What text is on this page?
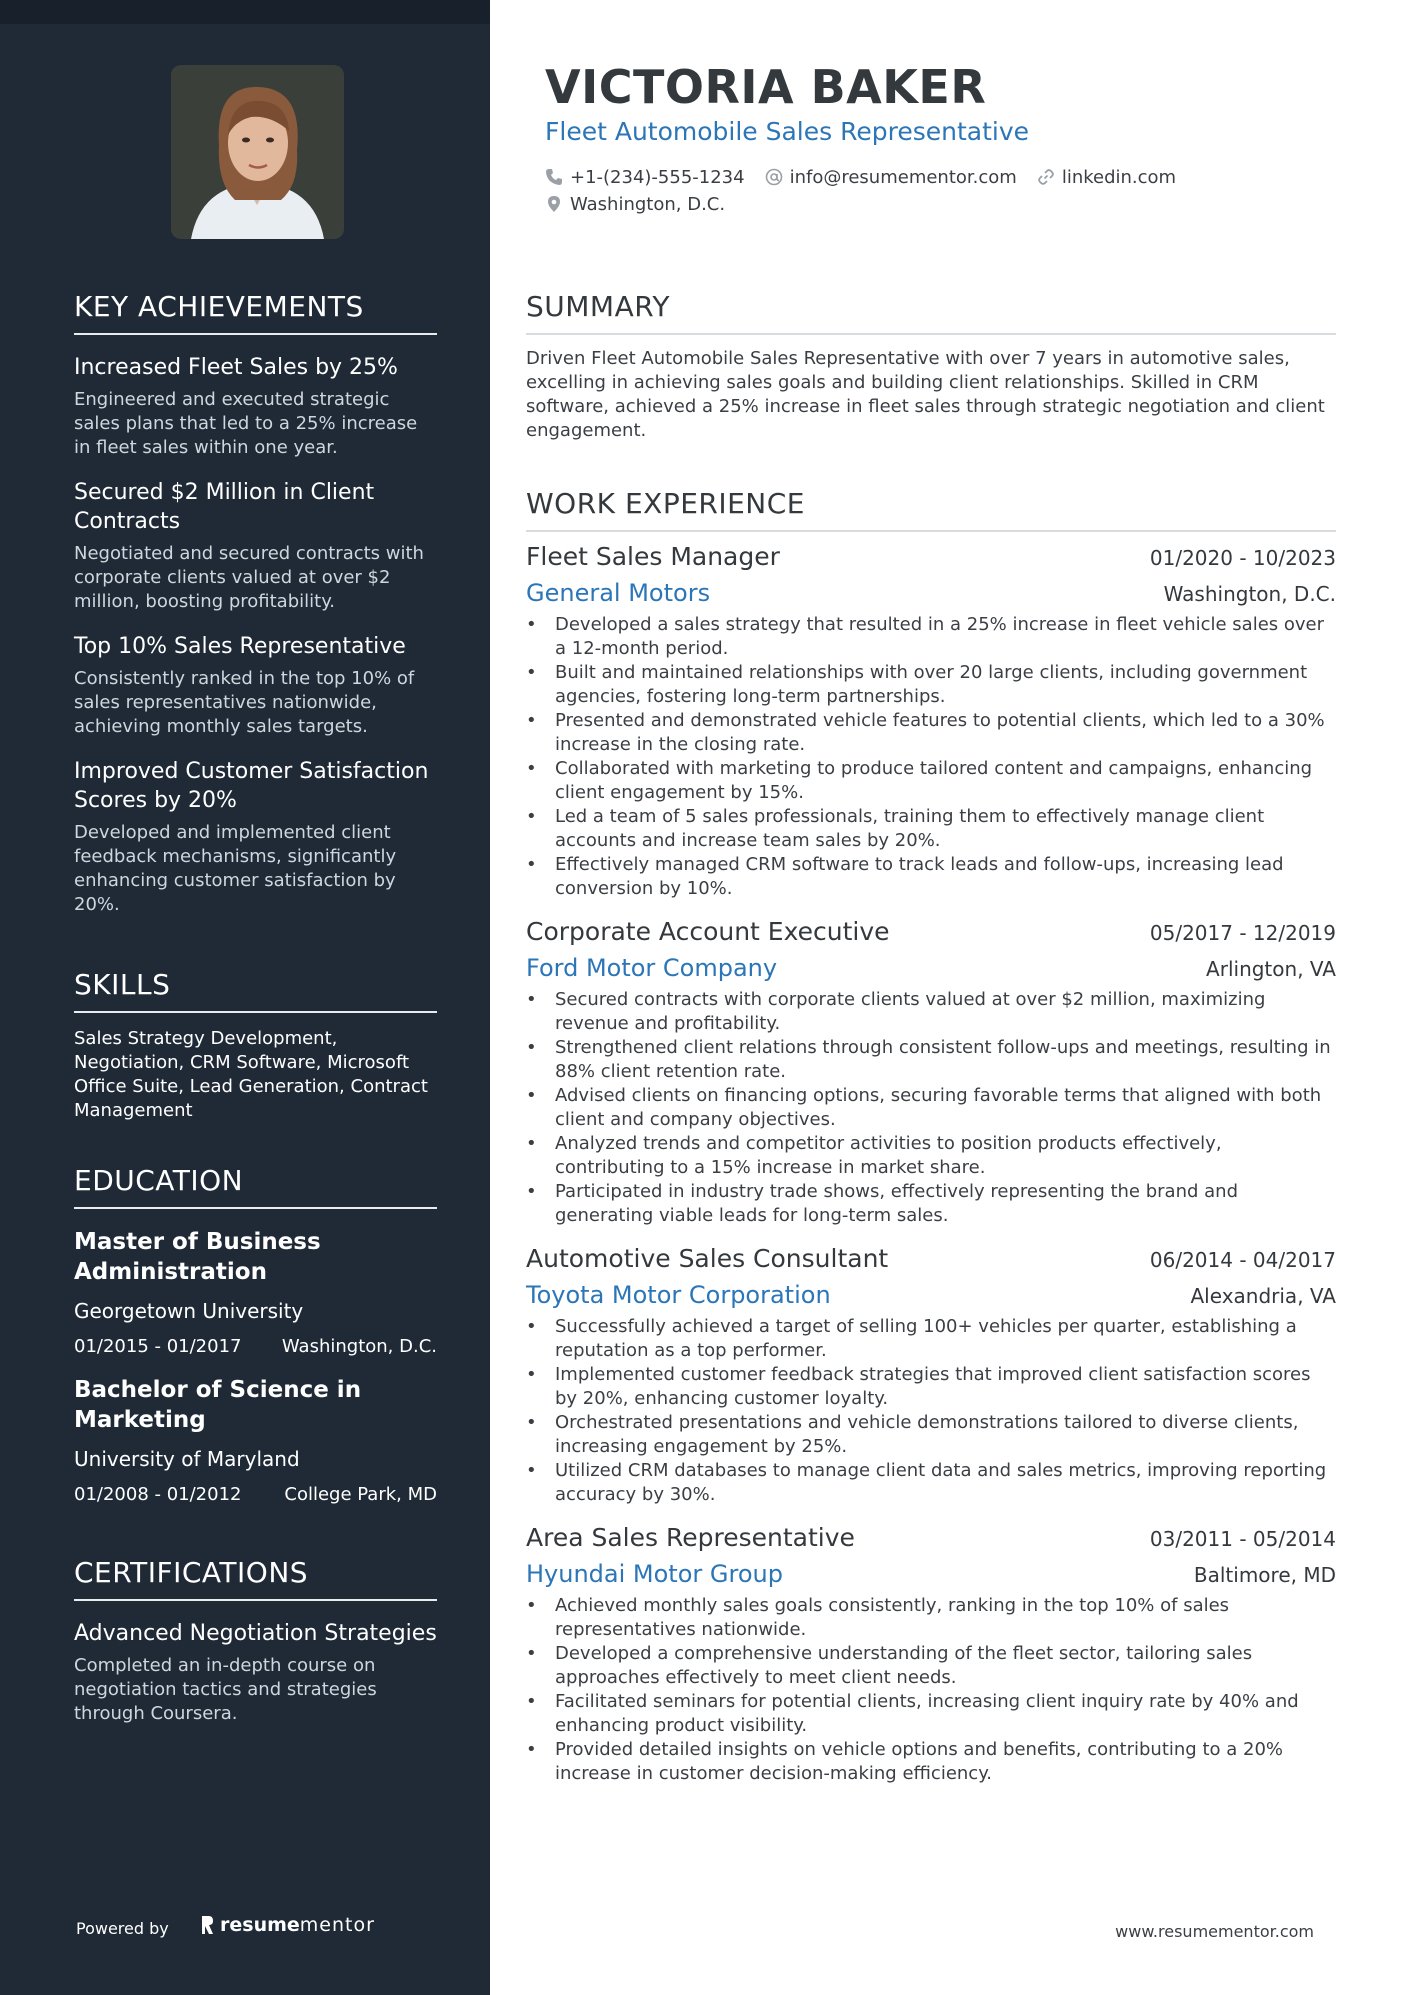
KEY ACHIEVEMENTS
Increased Fleet Sales by 25%
Engineered and executed strategic sales plans that led to a 25% increase in fleet sales within one year.
Secured $2 Million in Client Contracts
Negotiated and secured contracts with corporate clients valued at over $2 million, boosting profitability.
Top 10% Sales Representative
Consistently ranked in the top 10% of sales representatives nationwide, achieving monthly sales targets.
Improved Customer Satisfaction Scores by 20%
Developed and implemented client feedback mechanisms, significantly enhancing customer satisfaction by 20%.
SKILLS
Sales Strategy Development, Negotiation, CRM Software, Microsoft Office Suite, Lead Generation, Contract Management
EDUCATION
Master of Business Administration
Georgetown University
01/2015 - 01/2017 Washington, D.C.
Bachelor of Science in Marketing
University of Maryland
01/2008 - 01/2012 College Park, MD
CERTIFICATIONS
Advanced Negotiation Strategies
Completed an in-depth course on negotiation tactics and strategies through Coursera.
Powered by	resume mentor
VICTORIA BAKER
Fleet Automobile Sales Representative
+1-(234)-555-1234	info@resumementor.com	linkedin.com
Washington, D.C.
SUMMARY
Driven Fleet Automobile Sales Representative with over 7 years in automotive sales, excelling in achieving sales goals and building client relationships. Skilled in CRM software, achieved a 25% increase in fleet sales through strategic negotiation and client engagement.
WORK EXPERIENCE
Fleet Sales Manager	01/2020 - 10/2023
General Motors	Washington, D.C.
• Developed a sales strategy that resulted in a 25% increase in fleet vehicle sales over a 12-month period.
• Built and maintained relationships with over 20 large clients, including government agencies, fostering long-term partnerships.
• Presented and demonstrated vehicle features to potential clients, which led to a 30% increase in the closing rate.
• Collaborated with marketing to produce tailored content and campaigns, enhancing client engagement by 15%.
• Led a team of 5 sales professionals, training them to effectively manage client accounts and increase team sales by 20%.
• Effectively managed CRM software to track leads and follow-ups, increasing lead conversion by 10%.
Corporate Account Executive	05/2017 - 12/2019
Ford Motor Company	Arlington, VA
• Secured contracts with corporate clients valued at over $2 million, maximizing revenue and profitability.
• Strengthened client relations through consistent follow-ups and meetings, resulting in 88% client retention rate.
• Advised clients on financing options, securing favorable terms that aligned with both client and company objectives.
• Analyzed trends and competitor activities to position products effectively, contributing to a 15% increase in market share.
• Participated in industry trade shows, effectively representing the brand and generating viable leads for long-term sales.
Automotive Sales Consultant	06/2014 - 04/2017
Toyota Motor Corporation	Alexandria, VA
• Successfully achieved a target of selling 100+ vehicles per quarter, establishing a reputation as a top performer.
• Implemented customer feedback strategies that improved client satisfaction scores by 20%, enhancing customer loyalty.
• Orchestrated presentations and vehicle demonstrations tailored to diverse clients, increasing engagement by 25%.
• Utilized CRM databases to manage client data and sales metrics, improving reporting accuracy by 30%.
Area Sales Representative	03/2011 - 05/2014
Hyundai Motor Group	Baltimore, MD
• Achieved monthly sales goals consistently, ranking in the top 10% of sales representatives nationwide.
• Developed a comprehensive understanding of the fleet sector, tailoring sales approaches effectively to meet client needs.
• Facilitated seminars for potential clients, increasing client inquiry rate by 40% and enhancing product visibility.
• Provided detailed insights on vehicle options and benefits, contributing to a 20% increase in customer decision-making efficiency.
www.resumementor.com
